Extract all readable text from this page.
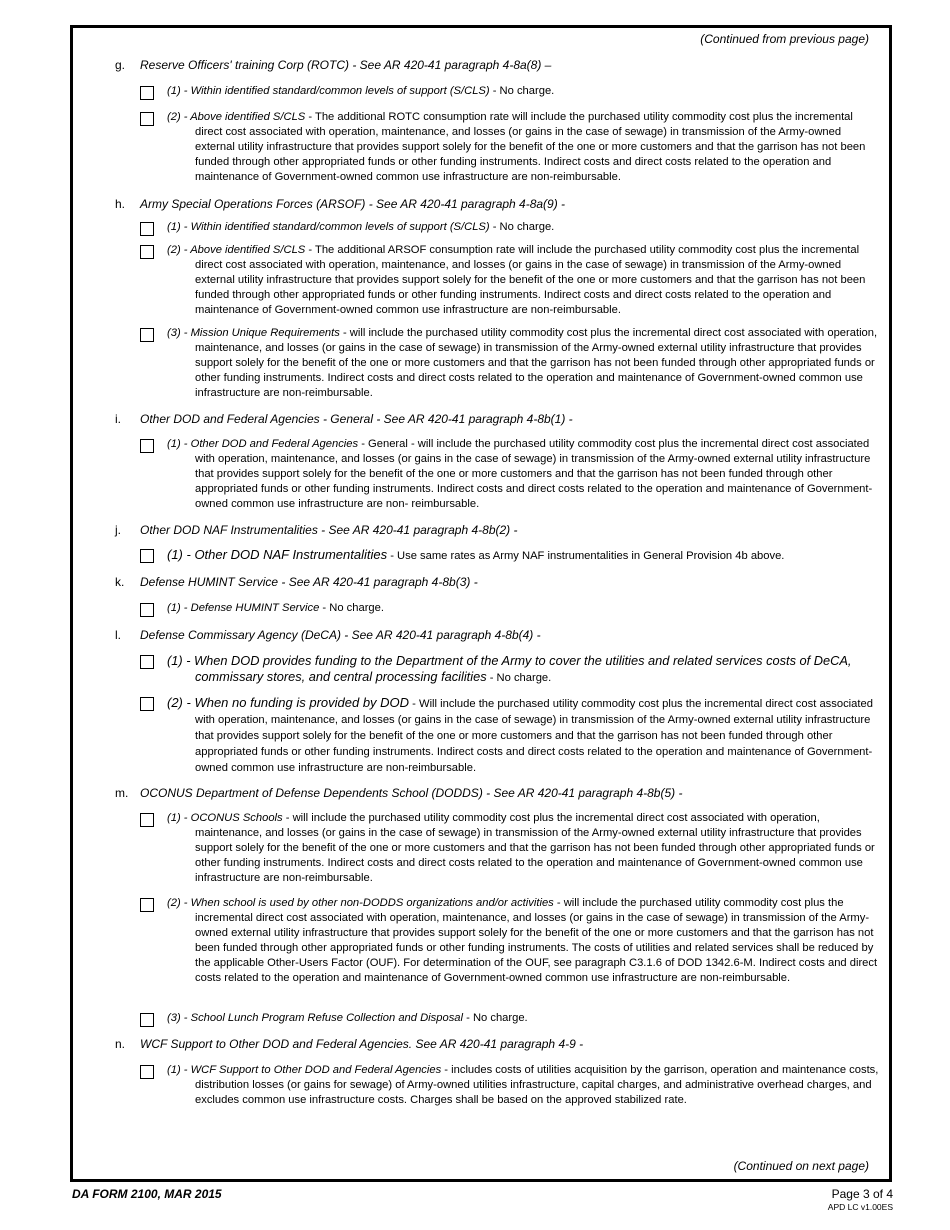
(Continued from previous page)
g. Reserve Officers' training Corp (ROTC) - See AR 420-41 paragraph 4-8a(8) –
(1) - Within identified standard/common levels of support (S/CLS) - No charge.
(2) - Above identified S/CLS - The additional ROTC consumption rate will include the purchased utility commodity cost plus the incremental direct cost associated with operation, maintenance, and losses (or gains in the case of sewage) in transmission of the Army-owned external utility infrastructure that provides support solely for the benefit of the one or more customers and that the garrison has not been funded through other appropriated funds or other funding instruments. Indirect costs and direct costs related to the operation and maintenance of Government-owned common use infrastructure are non-reimbursable.
h. Army Special Operations Forces (ARSOF) - See AR 420-41 paragraph 4-8a(9) -
(1) - Within identified standard/common levels of support (S/CLS) - No charge.
(2) - Above identified S/CLS - The additional ARSOF consumption rate will include the purchased utility commodity cost plus the incremental direct cost associated with operation, maintenance, and losses (or gains in the case of sewage) in transmission of the Army-owned external utility infrastructure that provides support solely for the benefit of the one or more customers and that the garrison has not been funded through other appropriated funds or other funding instruments. Indirect costs and direct costs related to the operation and maintenance of Government-owned common use infrastructure are non-reimbursable.
(3) - Mission Unique Requirements - will include the purchased utility commodity cost plus the incremental direct cost associated with operation, maintenance, and losses (or gains in the case of sewage) in transmission of the Army-owned external utility infrastructure that provides support solely for the benefit of the one or more customers and that the garrison has not been funded through other appropriated funds or other funding instruments. Indirect costs and direct costs related to the operation and maintenance of Government-owned common use infrastructure are non-reimbursable.
i. Other DOD and Federal Agencies - General - See AR 420-41 paragraph 4-8b(1) -
(1) - Other DOD and Federal Agencies - General - will include the purchased utility commodity cost plus the incremental direct cost associated with operation, maintenance, and losses (or gains in the case of sewage) in transmission of the Army-owned external utility infrastructure that provides support solely for the benefit of the one or more customers and that the garrison has not been funded through other appropriated funds or other funding instruments. Indirect costs and direct costs related to the operation and maintenance of Government-owned common use infrastructure are non- reimbursable.
j. Other DOD NAF Instrumentalities - See AR 420-41 paragraph 4-8b(2) -
(1) - Other DOD NAF Instrumentalities - Use same rates as Army NAF instrumentalities in General Provision 4b above.
k. Defense HUMINT Service - See AR 420-41 paragraph 4-8b(3) -
(1) - Defense HUMINT Service - No charge.
l. Defense Commissary Agency (DeCA) - See AR 420-41 paragraph 4-8b(4) -
(1) - When DOD provides funding to the Department of the Army to cover the utilities and related services costs of DeCA, commissary stores, and central processing facilities - No charge.
(2) - When no funding is provided by DOD - Will include the purchased utility commodity cost plus the incremental direct cost associated with operation, maintenance, and losses (or gains in the case of sewage) in transmission of the Army-owned external utility infrastructure that provides support solely for the benefit of the one or more customers and that the garrison has not been funded through other appropriated funds or other funding instruments. Indirect costs and direct costs related to the operation and maintenance of Government-owned common use infrastructure are non-reimbursable.
m. OCONUS Department of Defense Dependents School (DODDS) - See AR 420-41 paragraph 4-8b(5) -
(1) - OCONUS Schools - will include the purchased utility commodity cost plus the incremental direct cost associated with operation, maintenance, and losses (or gains in the case of sewage) in transmission of the Army-owned external utility infrastructure that provides support solely for the benefit of the one or more customers and that the garrison has not been funded through other appropriated funds or other funding instruments. Indirect costs and direct costs related to the operation and maintenance of Government-owned common use infrastructure are non-reimbursable.
(2) - When school is used by other non-DODDS organizations and/or activities - will include the purchased utility commodity cost plus the incremental direct cost associated with operation, maintenance, and losses (or gains in the case of sewage) in transmission of the Army-owned external utility infrastructure that provides support solely for the benefit of the one or more customers and that the garrison has not been funded through other appropriated funds or other funding instruments. The costs of utilities and related services shall be reduced by the applicable Other-Users Factor (OUF). For determination of the OUF, see paragraph C3.1.6 of DOD 1342.6-M. Indirect costs and direct costs related to the operation and maintenance of Government-owned common use infrastructure are non-reimbursable.
(3) - School Lunch Program Refuse Collection and Disposal - No charge.
n. WCF Support to Other DOD and Federal Agencies. See AR 420-41 paragraph 4-9 -
(1) - WCF Support to Other DOD and Federal Agencies - includes costs of utilities acquisition by the garrison, operation and maintenance costs, distribution losses (or gains for sewage) of Army-owned utilities infrastructure, capital charges, and administrative overhead charges, and excludes common use infrastructure costs. Charges shall be based on the approved stabilized rate.
(Continued on next page)
DA FORM 2100, MAR 2015	Page 3 of 4
APD LC v1.00ES
